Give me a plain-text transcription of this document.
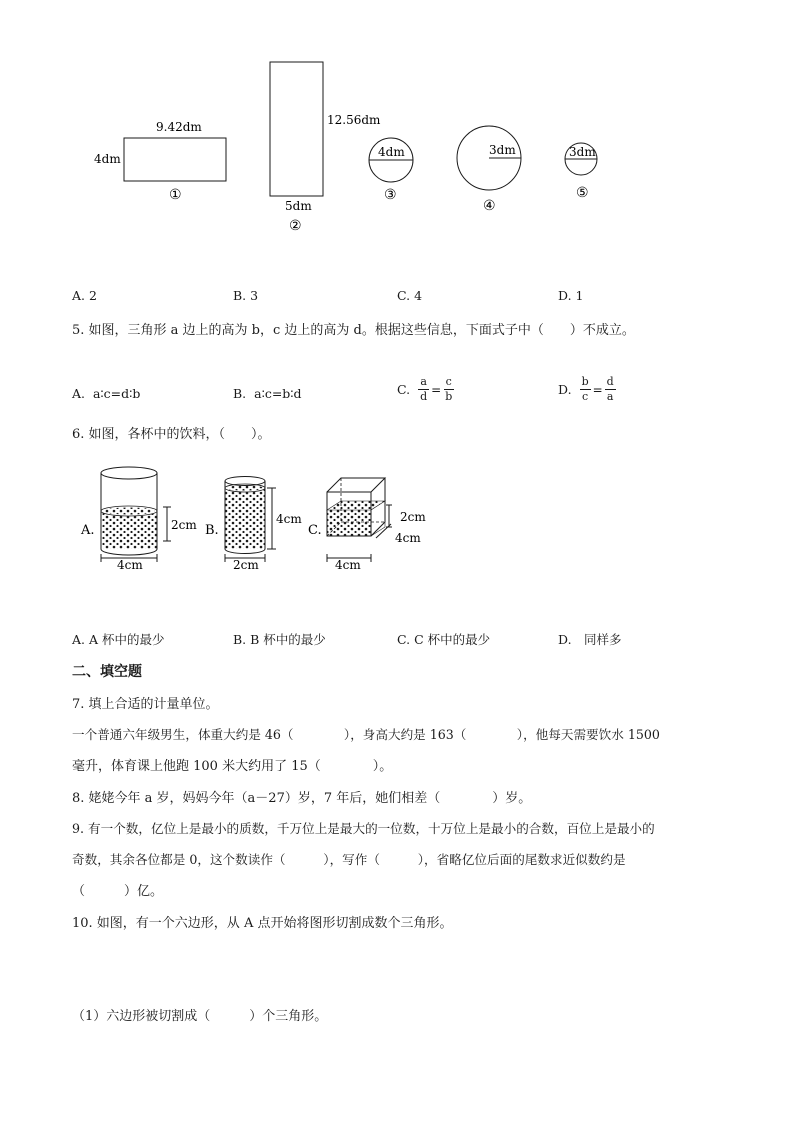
9.42dm
4dm
①
12.56dm
5dm
②
4dm
③
3dm
④
3dm
⑤
A. 2	B. 3	C. 4	D. 1
5. 如图，三角形 a 边上的高为 b，c 边上的高为 d。根据这些信息，下面式子中（　　）不成立。
A. a∶c=d∶b	B. a∶c=b∶d	C. $\frac{a}{d} = \frac{c}{b}$	D. $\frac{b}{c} = \frac{d}{a}$
6. 如图，各杯中的饮料，（　　）。
A.	2cm
4cm
B.
4cm
2cm
C.
2cm
4cm
4cm
A. A 杯中的最少	B. B 杯中的最少	C. C 杯中的最少	D.　同样多
二、填空题
7. 填上合适的计量单位。
一个普通六年级男生，体重大约是 46（　　　　），身高大约是 163（　　　　），他每天需要饮水 1500
毫升，体育课上他跑 100 米大约用了 15（　　　　）。
8. 姥姥今年 a 岁，妈妈今年（a－27）岁，7 年后，她们相差（　　　　）岁。
9. 有一个数，亿位上是最小的质数，千万位上是最大的一位数，十万位上是最小的合数，百位上是最小的
奇数，其余各位都是 0，这个数读作（　　　），写作（　　　），省略亿位后面的尾数求近似数约是
（　　　）亿。
10. 如图，有一个六边形，从 A 点开始将图形切割成数个三角形。
（1）六边形被切割成（　　　）个三角形。
